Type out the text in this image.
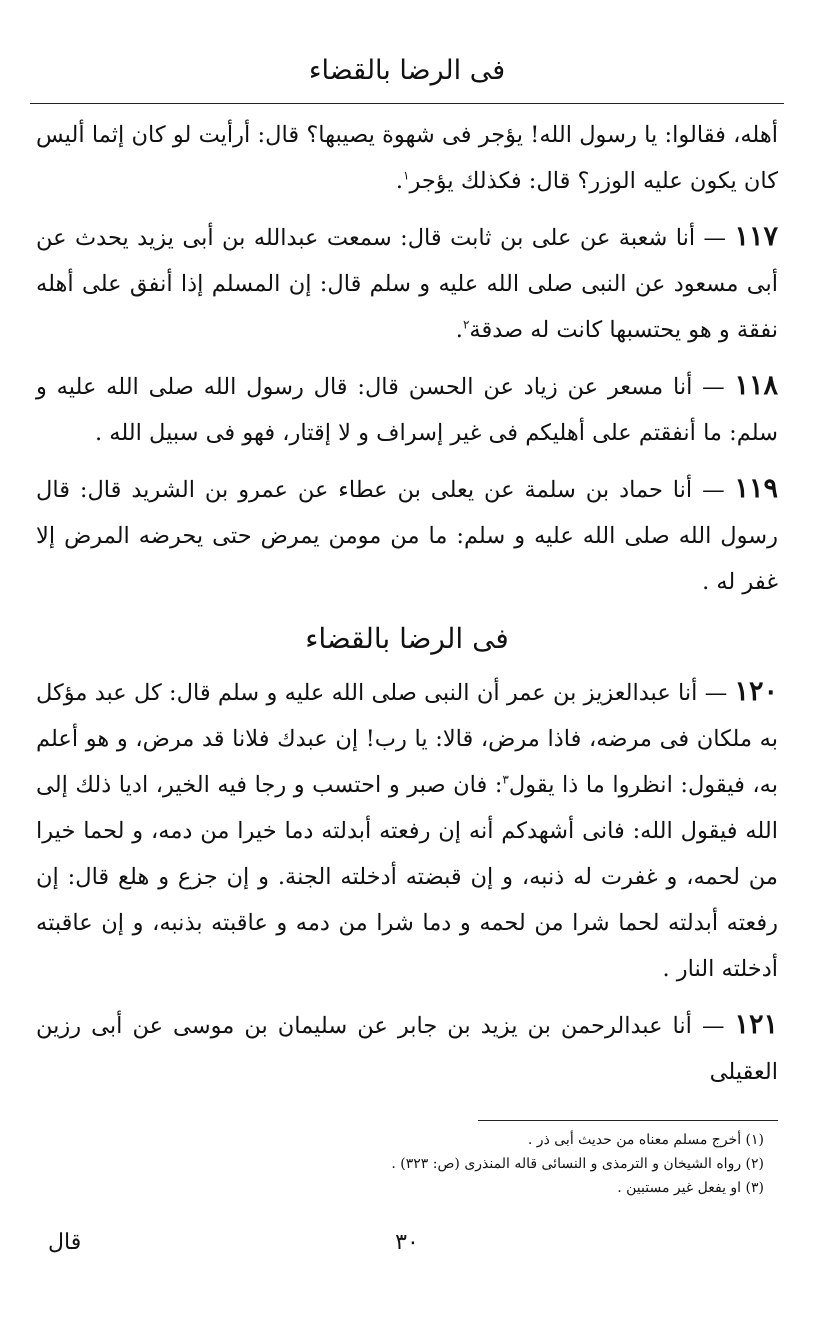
فى الرضا بالقضاء

أهله، فقالوا: يا رسول الله! يؤجر فى شهوة يصيبها؟ قال: أرأيت لو كان إثما أليس كان يكون عليه الوزر؟ قال: فكذلك يؤجر$^١$.

١١٧ — أنا شعبة عن على بن ثابت قال: سمعت عبدالله بن أبى يزيد يحدث عن أبى مسعود عن النبى صلى الله عليه و سلم قال: إن المسلم إذا أنفق على أهله نفقة و هو يحتسبها كانت له صدقة$^٢$.

١١٨ — أنا مسعر عن زياد عن الحسن قال: قال رسول الله صلى الله عليه و سلم: ما أنفقتم على أهليكم فى غير إسراف و لا إقتار، فهو فى سبيل الله .

١١٩ — أنا حماد بن سلمة عن يعلى بن عطاء عن عمرو بن الشريد قال: قال رسول الله صلى الله عليه و سلم: ما من مومن يمرض حتى يحرضه المرض إلا غفر له .

فى الرضا بالقضاء

١٢٠ — أنا عبدالعزيز بن عمر أن النبى صلى الله عليه و سلم قال: كل عبد مؤكل به ملكان فى مرضه، فاذا مرض، قالا: يا رب! إن عبدك فلانا قد مرض، و هو أعلم به، فيقول: انظروا ما ذا يقول$^٣$: فان صبر و احتسب و رجا فيه الخير، اديا ذلك إلى الله فيقول الله: فانى أشهدكم أنه إن رفعته أبدلته دما خيرا من دمه، و لحما خيرا من لحمه، و غفرت له ذنبه، و إن قبضته أدخلته الجنة. و إن جزع و هلع قال: إن رفعته أبدلته لحما شرا من لحمه و دما شرا من دمه و عاقبته بذنبه، و إن عاقبته أدخلته النار .

١٢١ — أنا عبدالرحمن بن يزيد بن جابر عن سليمان بن موسى عن أبى رزين العقيلى

(١) أخرج مسلم معناه من حديث أبى ذر .
(٢) رواه الشيخان و الترمذى و النسائى قاله المنذرى (ص: ٣٢٣) .
(٣) او يفعل غير مستبين .
٣٠
قال
